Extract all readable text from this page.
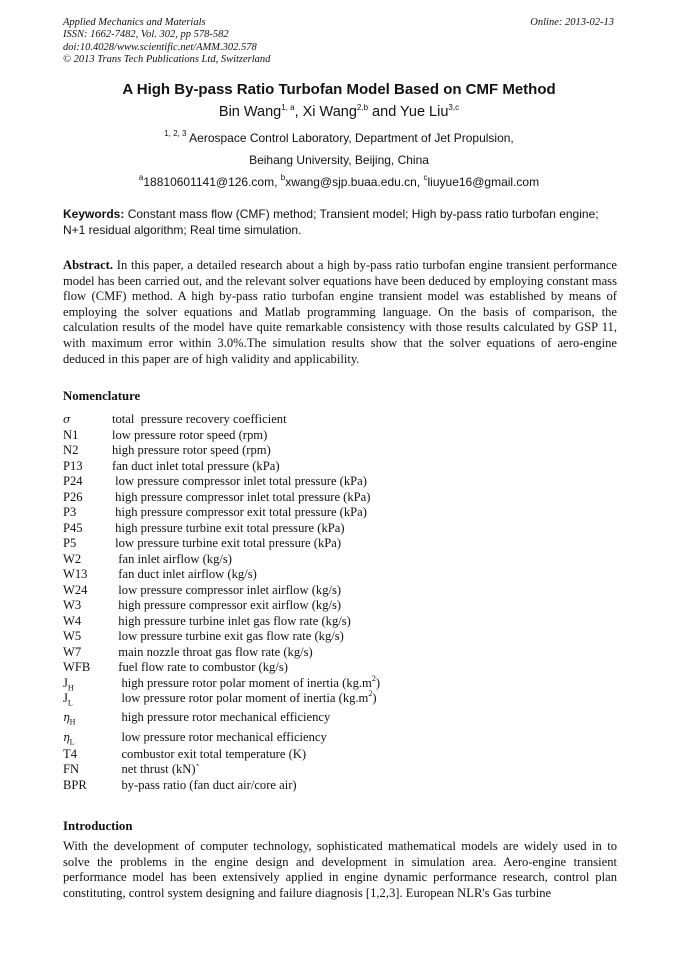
Applied Mechanics and Materials
ISSN: 1662-7482, Vol. 302, pp 578-582
doi:10.4028/www.scientific.net/AMM.302.578
© 2013 Trans Tech Publications Ltd, Switzerland
Online: 2013-02-13
A High By-pass Ratio Turbofan Model Based on CMF Method
Bin Wang$^{1, a}$, Xi Wang$^{2,b}$ and Yue Liu$^{3,c}$
$^{1, 2, 3}$ Aerospace Control Laboratory, Department of Jet Propulsion,
Beihang University, Beijing, China
$^a$18810601141@126.com, $^b$xwang@sjp.buaa.edu.cn, $^c$liuyue16@gmail.com
Keywords: Constant mass flow (CMF) method; Transient model; High by-pass ratio turbofan engine; N+1 residual algorithm; Real time simulation.
Abstract. In this paper, a detailed research about a high by-pass ratio turbofan engine transient performance model has been carried out, and the relevant solver equations have been deduced by employing constant mass flow (CMF) method. A high by-pass ratio turbofan engine transient model was established by means of employing the solver equations and Matlab programming language. On the basis of comparison, the calculation results of the model have quite remarkable consistency with those results calculated by GSP 11, with maximum error within 3.0%.The simulation results show that the solver equations of aero-engine deduced in this paper are of high validity and applicability.
Nomenclature
σ	total  pressure recovery coefficient
N1	low pressure rotor speed (rpm)
N2	high pressure rotor speed (rpm)
P13 fan duct inlet total pressure (kPa)
P24 low pressure compressor inlet total pressure (kPa)
P26 high pressure compressor inlet total pressure (kPa)
P3	high pressure compressor exit total pressure (kPa)
P45 high pressure turbine exit total pressure (kPa)
P5	low pressure turbine exit total pressure (kPa)
W2 fan inlet airflow (kg/s)
W13 fan duct inlet airflow (kg/s)
W24 low pressure compressor inlet airflow (kg/s)
W3 high pressure compressor exit airflow (kg/s)
W4 high pressure turbine inlet gas flow rate (kg/s)
W5 low pressure turbine exit gas flow rate (kg/s)
W7 main nozzle throat gas flow rate (kg/s)
WFB fuel flow rate to combustor (kg/s)
$J_H$	high pressure rotor polar moment of inertia $(kg.m^2)$
$J_L$	low pressure rotor polar moment of inertia $(kg.m^2)$
$\eta_H$	high pressure rotor mechanical efficiency
$\eta_L$	low pressure rotor mechanical efficiency
T4	combustor exit total temperature (K)
FN	net thrust (kN)`
BPR by-pass ratio (fan duct air/core air)
Introduction
With the development of computer technology, sophisticated mathematical models are widely used in to solve the problems in the engine design and development in simulation area. Aero-engine transient performance model has been extensively applied in engine dynamic performance research, control plan constituting, control system designing and failure diagnosis [1,2,3]. European NLR's Gas turbine
